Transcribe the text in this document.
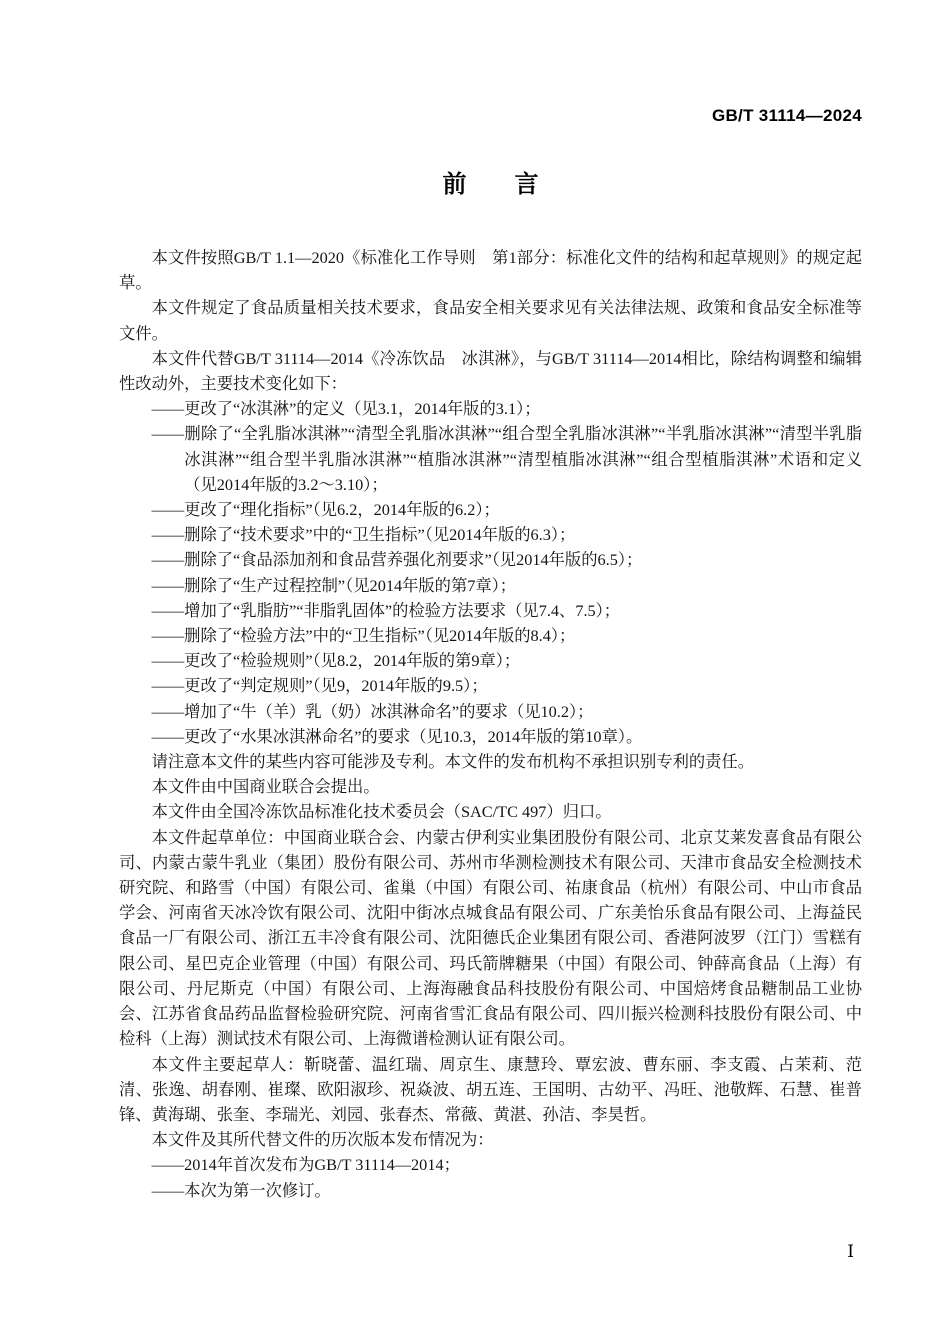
GB/T 31114—2024
前　　言

本文件按照GB/T 1.1—2020《标准化工作导则　第1部分：标准化文件的结构和起草规则》的规定起草。

本文件规定了食品质量相关技术要求，食品安全相关要求见有关法律法规、政策和食品安全标准等文件。

本文件代替GB/T 31114—2014《冷冻饮品　冰淇淋》，与GB/T 31114—2014相比，除结构调整和编辑性改动外，主要技术变化如下：

——更改了“冰淇淋”的定义（见3.1，2014年版的3.1）；

——删除了“全乳脂冰淇淋”“清型全乳脂冰淇淋”“组合型全乳脂冰淇淋”“半乳脂冰淇淋”“清型半乳脂冰淇淋”“组合型半乳脂冰淇淋”“植脂冰淇淋”“清型植脂冰淇淋”“组合型植脂淇淋”术语和定义（见2014年版的3.2～3.10）；

——更改了“理化指标”（见6.2，2014年版的6.2）；

——删除了“技术要求”中的“卫生指标”（见2014年版的6.3）；

——删除了“食品添加剂和食品营养强化剂要求”（见2014年版的6.5）；

——删除了“生产过程控制”（见2014年版的第7章）；

——增加了“乳脂肪”“非脂乳固体”的检验方法要求（见7.4、7.5）；

——删除了“检验方法”中的“卫生指标”（见2014年版的8.4）；

——更改了“检验规则”（见8.2，2014年版的第9章）；

——更改了“判定规则”（见9，2014年版的9.5）；

——增加了“牛（羊）乳（奶）冰淇淋命名”的要求（见10.2）；

——更改了“水果冰淇淋命名”的要求（见10.3，2014年版的第10章）。

请注意本文件的某些内容可能涉及专利。本文件的发布机构不承担识别专利的责任。

本文件由中国商业联合会提出。

本文件由全国冷冻饮品标准化技术委员会（SAC/TC 497）归口。

本文件起草单位：中国商业联合会、内蒙古伊利实业集团股份有限公司、北京艾莱发喜食品有限公司、内蒙古蒙牛乳业（集团）股份有限公司、苏州市华测检测技术有限公司、天津市食品安全检测技术研究院、和路雪（中国）有限公司、雀巢（中国）有限公司、祐康食品（杭州）有限公司、中山市食品学会、河南省天冰冷饮有限公司、沈阳中街冰点城食品有限公司、广东美怡乐食品有限公司、上海益民食品一厂有限公司、浙江五丰冷食有限公司、沈阳德氏企业集团有限公司、香港阿波罗（江门）雪糕有限公司、星巴克企业管理（中国）有限公司、玛氏箭牌糖果（中国）有限公司、钟薛高食品（上海）有限公司、丹尼斯克（中国）有限公司、上海海融食品科技股份有限公司、中国焙烤食品糖制品工业协会、江苏省食品药品监督检验研究院、河南省雪汇食品有限公司、四川振兴检测科技股份有限公司、中检科（上海）测试技术有限公司、上海微谱检测认证有限公司。

本文件主要起草人：靳晓蕾、温红瑞、周京生、康慧玲、覃宏波、曹东丽、李支霞、占茉莉、范清、张逸、胡春刚、崔璨、欧阳淑珍、祝焱波、胡五连、王国明、古幼平、冯旺、池敬辉、石慧、崔普锋、黄海瑚、张奎、李瑞光、刘园、张春杰、常薇、黄湛、孙洁、李昊哲。

本文件及其所代替文件的历次版本发布情况为：

——2014年首次发布为GB/T 31114—2014；

——本次为第一次修订。

Ⅰ
